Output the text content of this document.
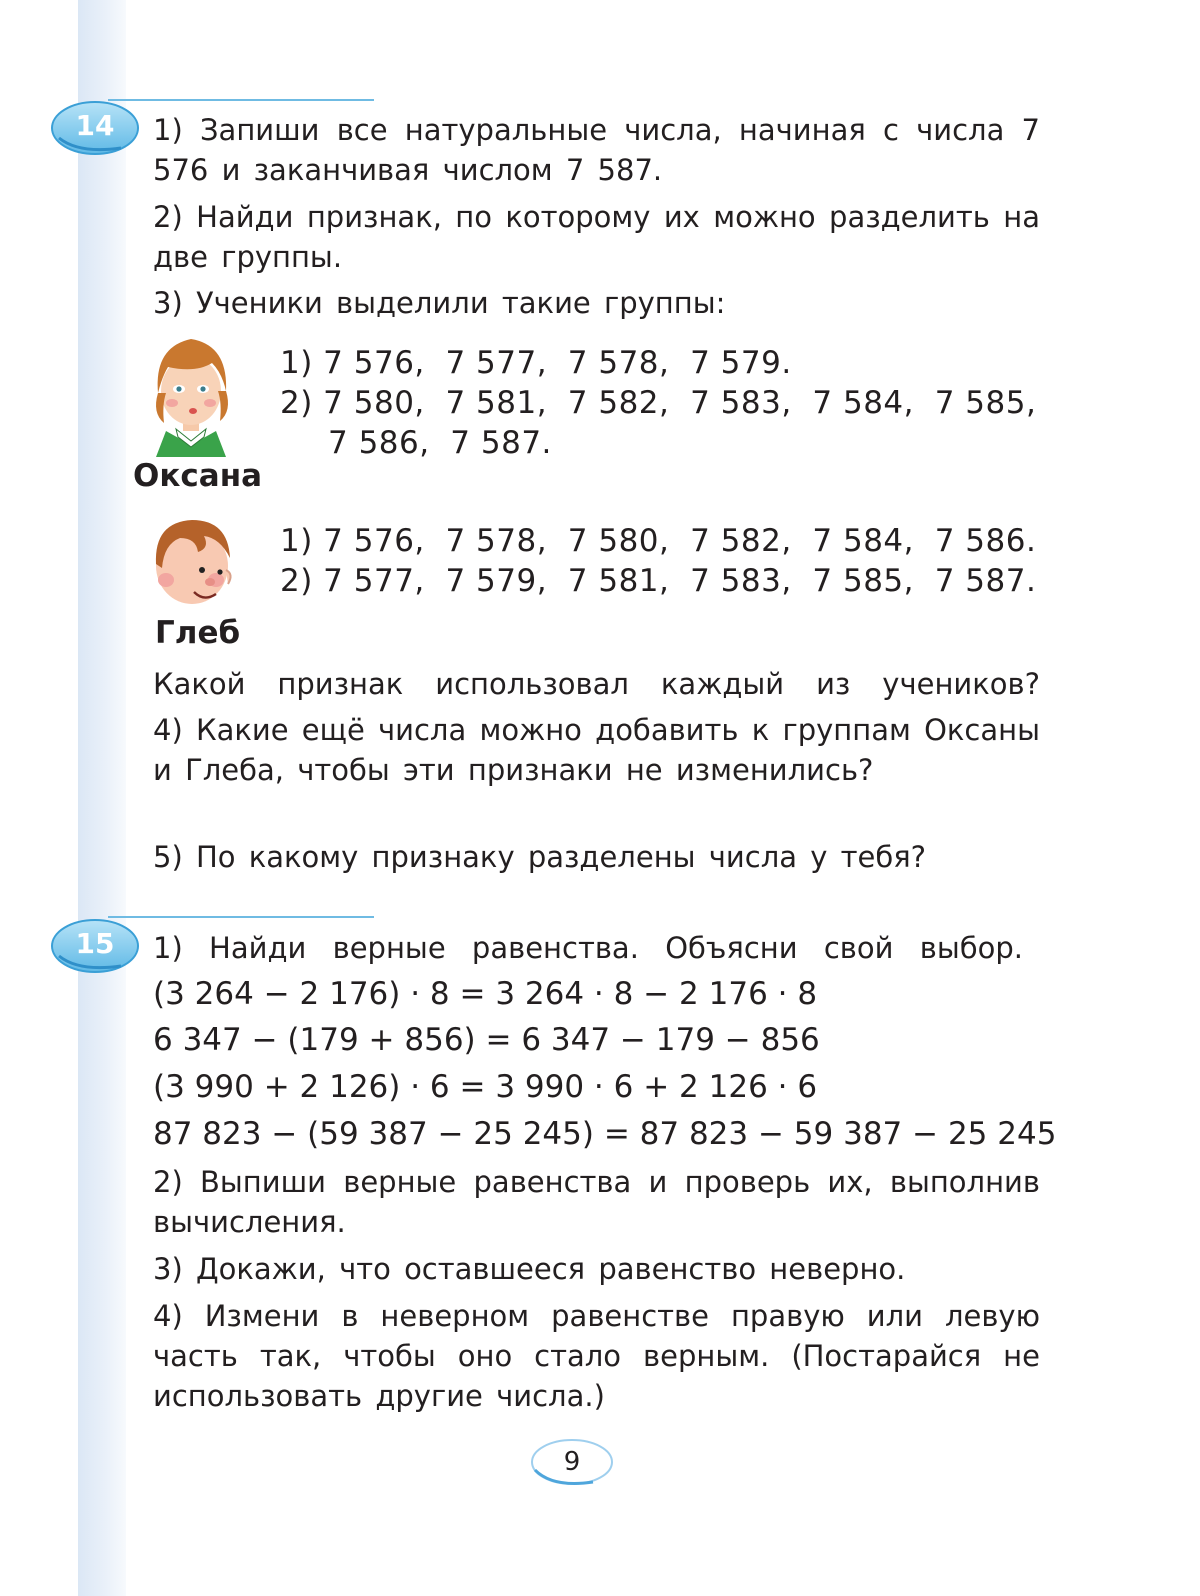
14	1) Запиши все натуральные числа, начиная с числа 7 576 и заканчивая числом 7 587.
2) Найди признак, по которому их можно разделить на две группы.
3) Ученики выделили такие группы:
Оксана
1) 7 576,  7 577,  7 578,  7 579.
2) 7 580,  7 581,  7 582,  7 583,  7 584,  7 585,
7 586,  7 587.
Глеб
1) 7 576,  7 578,  7 580,  7 582,  7 584,  7 586.
2) 7 577,  7 579,  7 581,  7 583,  7 585,  7 587.
Какой признак использовал каждый из учеников?
4) Какие ещё числа можно добавить к группам Оксаны и Глеба, чтобы эти признаки не изменились?
5) По какому признаку разделены числа у тебя?
15	1) Найди верные равенства. Объясни свой выбор.
(3 264 − 2 176) · 8 = 3 264 · 8 − 2 176 · 8
6 347 − (179 + 856) = 6 347 − 179 − 856
(3 990 + 2 126) · 6 = 3 990 · 6 + 2 126 · 6
87 823 − (59 387 − 25 245) = 87 823 − 59 387 − 25 245
2) Выпиши верные равенства и проверь их, выполнив вычисления.
3) Докажи, что оставшееся равенство неверно.
4) Измени в неверном равенстве правую или левую часть так, чтобы оно стало верным. (Постарайся не использовать другие числа.)
9
